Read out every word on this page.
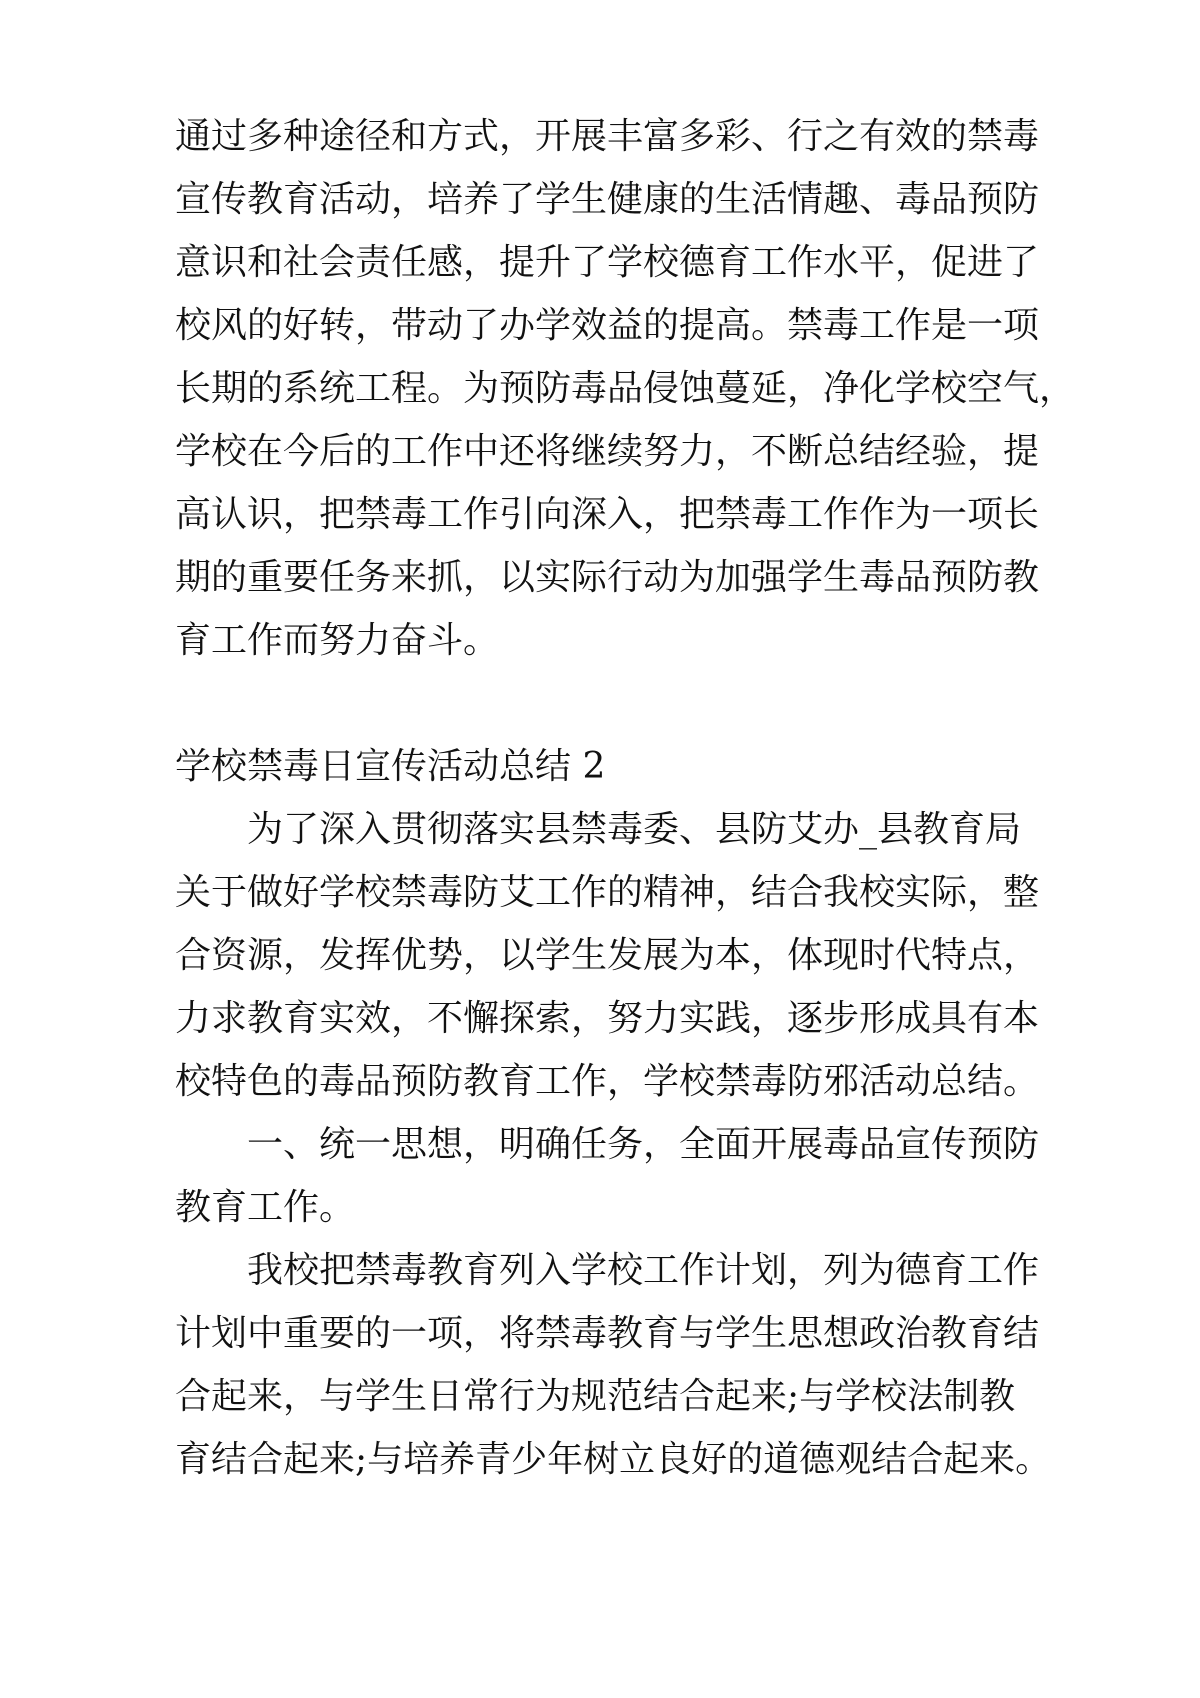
通过多种途径和方式，开展丰富多彩、行之有效的禁毒
宣传教育活动，培养了学生健康的生活情趣、毒品预防
意识和社会责任感，提升了学校德育工作水平，促进了
校风的好转，带动了办学效益的提高。禁毒工作是一项
长期的系统工程。为预防毒品侵蚀蔓延，净化学校空气，
学校在今后的工作中还将继续努力，不断总结经验，提
高认识，把禁毒工作引向深入，把禁毒工作作为一项长
期的重要任务来抓，以实际行动为加强学生毒品预防教
育工作而努力奋斗。
学校禁毒日宣传活动总结 2
为了深入贯彻落实县禁毒委、县防艾办_县教育局
关于做好学校禁毒防艾工作的精神，结合我校实际，整
合资源，发挥优势，以学生发展为本，体现时代特点，
力求教育实效，不懈探索，努力实践，逐步形成具有本
校特色的毒品预防教育工作，学校禁毒防邪活动总结。
一、统一思想，明确任务，全面开展毒品宣传预防
教育工作。
我校把禁毒教育列入学校工作计划，列为德育工作
计划中重要的一项，将禁毒教育与学生思想政治教育结
合起来，与学生日常行为规范结合起来;与学校法制教
育结合起来;与培养青少年树立良好的道德观结合起来。
